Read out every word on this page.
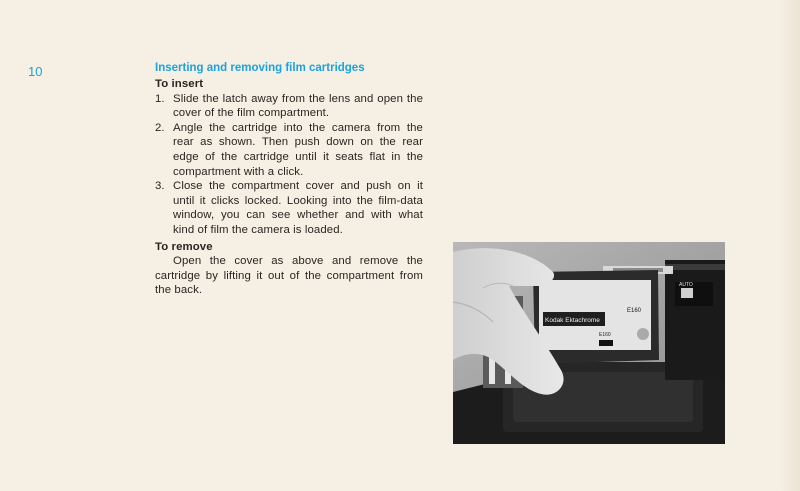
10	Inserting and removing film cartridges

To insert

1. Slide the latch away from the lens and open the cover of the film compartment.
2. Angle the cartridge into the camera from the rear as shown. Then push down on the rear edge of the cartridge until it seats flat in the compartment with a click.
3. Close the compartment cover and push on it until it clicks locked. Looking into the film-data window, you can see whether and with what kind of film the camera is loaded.

To remove

Open the cover as above and remove the cartridge by lifting it out of the compartment from the back.	AUTO
Kodak Ektachrome
E160
E160
